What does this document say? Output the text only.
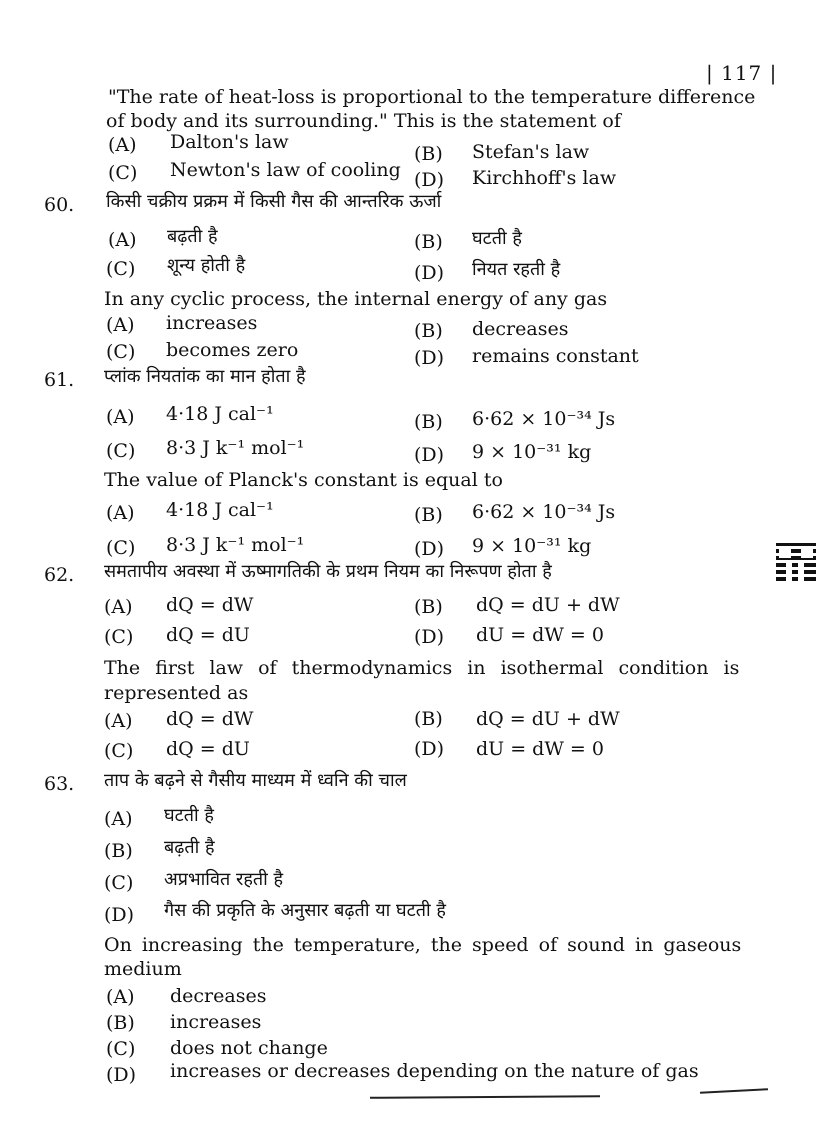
| 117 |
"The rate of heat-loss is proportional to the temperature difference
of body and its surrounding." This is the statement of
(A) Dalton's law
(B) Stefan's law
(C) Newton's law of cooling (D) Kirchhoff's law
60. किसी चक्रीय प्रक्रम में किसी गैस की आन्तरिक ऊर्जा
(A) बढ़ती है	(B) घटती है
(C) शून्य होती है	(D) नियत रहती है
In any cyclic process, the internal energy of any gas
(A) increases	(B) decreases
(C) becomes zero	(D) remains constant
61. प्लांक नियतांक का मान होता है
(A) 4·18 J cal⁻¹	(B) 6·62 × 10⁻³⁴ Js
(C) 8·3 J k⁻¹ mol⁻¹	(D) 9 × 10⁻³¹ kg
The value of Planck's constant is equal to
(A) 4·18 J cal⁻¹	(B) 6·62 × 10⁻³⁴ Js
(C) 8·3 J k⁻¹ mol⁻¹	(D) 9 × 10⁻³¹ kg
62. समतापीय अवस्था में ऊष्मागतिकी के प्रथम नियम का निरूपण होता है
(A) dQ = dW	(B) dQ = dU + dW
(C) dQ = dU	(D) dU = dW = 0
The first law of thermodynamics in isothermal condition is
represented as
(A) dQ = dW	(B) dQ = dU + dW
(C) dQ = dU	(D) dU = dW = 0
63. ताप के बढ़ने से गैसीय माध्यम में ध्वनि की चाल
(A) घटती है
(B) बढ़ती है
(C) अप्रभावित रहती है
(D) गैस की प्रकृति के अनुसार बढ़ती या घटती है
On increasing the temperature, the speed of sound in gaseous
medium
(A) decreases
(B) increases
(C) does not change
(D) increases or decreases depending on the nature of gas
